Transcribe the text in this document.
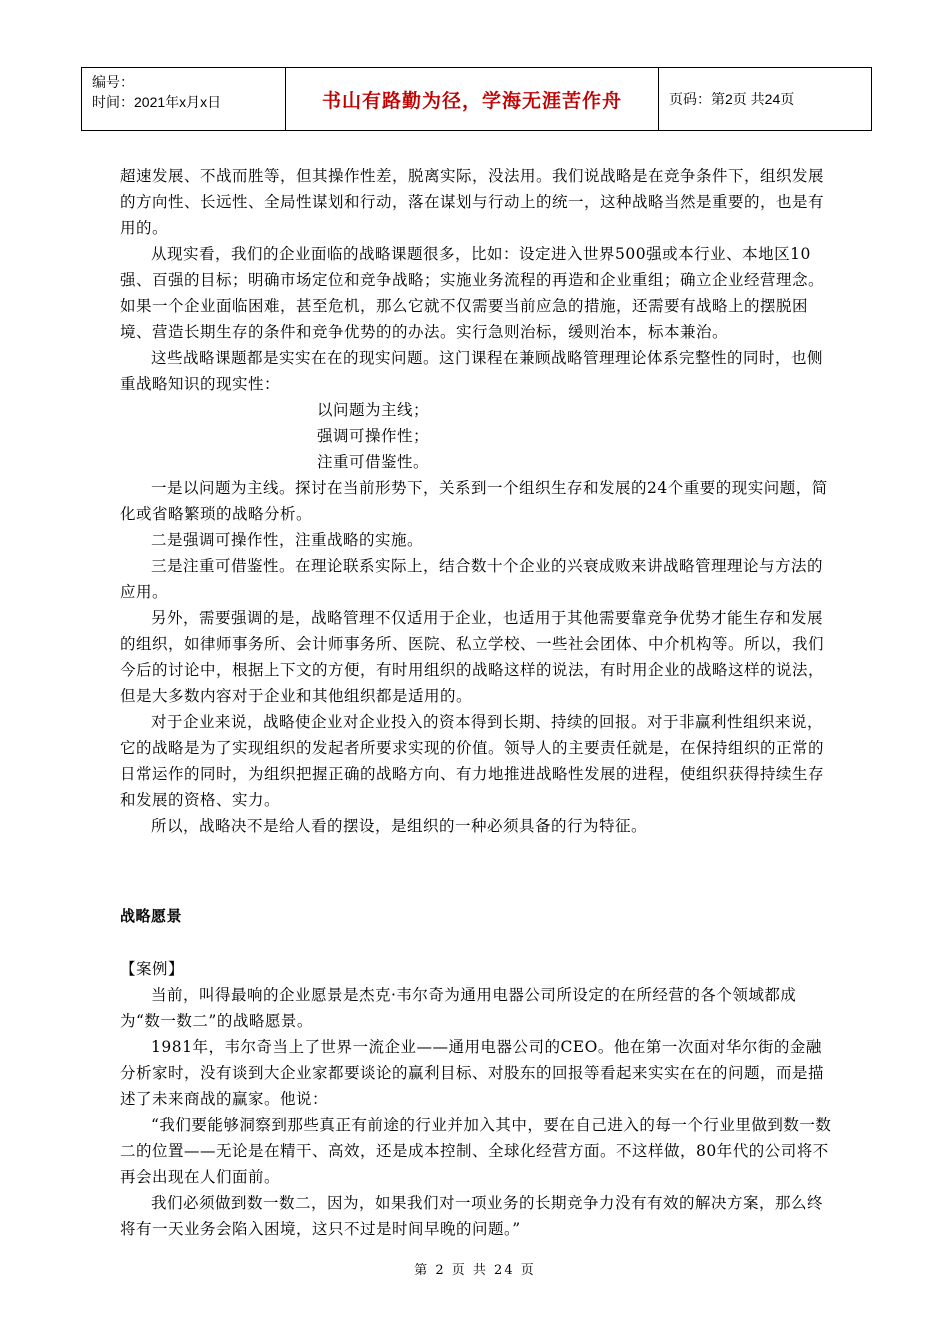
编号：
时间：2021年x月x日	书山有路勤为径，学海无涯苦作舟	页码：第2页 共24页

超速发展、不战而胜等，但其操作性差，脱离实际，没法用。我们说战略是在竞争条件下，组织发展的方向性、长远性、全局性谋划和行动，落在谋划与行动上的统一，这种战略当然是重要的，也是有用的。

从现实看，我们的企业面临的战略课题很多，比如：设定进入世界500强或本行业、本地区10强、百强的目标；明确市场定位和竞争战略；实施业务流程的再造和企业重组；确立企业经营理念。如果一个企业面临困难，甚至危机，那么它就不仅需要当前应急的措施，还需要有战略上的摆脱困境、营造长期生存的条件和竞争优势的的办法。实行急则治标，缓则治本，标本兼治。

这些战略课题都是实实在在的现实问题。这门课程在兼顾战略管理理论体系完整性的同时，也侧重战略知识的现实性：

以问题为主线；

强调可操作性；

注重可借鉴性。

一是以问题为主线。探讨在当前形势下，关系到一个组织生存和发展的24个重要的现实问题，简化或省略繁琐的战略分析。

二是强调可操作性，注重战略的实施。

三是注重可借鉴性。在理论联系实际上，结合数十个企业的兴衰成败来讲战略管理理论与方法的应用。

另外，需要强调的是，战略管理不仅适用于企业，也适用于其他需要靠竞争优势才能生存和发展的组织，如律师事务所、会计师事务所、医院、私立学校、一些社会团体、中介机构等。所以，我们今后的讨论中，根据上下文的方便，有时用组织的战略这样的说法，有时用企业的战略这样的说法，但是大多数内容对于企业和其他组织都是适用的。

对于企业来说，战略使企业对企业投入的资本得到长期、持续的回报。对于非赢利性组织来说，它的战略是为了实现组织的发起者所要求实现的价值。领导人的主要责任就是，在保持组织的正常的日常运作的同时，为组织把握正确的战略方向、有力地推进战略性发展的进程，使组织获得持续生存和发展的资格、实力。

所以，战略决不是给人看的摆设，是组织的一种必须具备的行为特征。

战略愿景

【案例】

当前，叫得最响的企业愿景是杰克·韦尔奇为通用电器公司所设定的在所经营的各个领域都成为“数一数二”的战略愿景。

1981年，韦尔奇当上了世界一流企业——通用电器公司的CEO。他在第一次面对华尔街的金融分析家时，没有谈到大企业家都要谈论的赢利目标、对股东的回报等看起来实实在在的问题，而是描述了未来商战的赢家。他说：

“我们要能够洞察到那些真正有前途的行业并加入其中，要在自己进入的每一个行业里做到数一数二的位置——无论是在精干、高效，还是成本控制、全球化经营方面。不这样做，80年代的公司将不再会出现在人们面前。

我们必须做到数一数二，因为，如果我们对一项业务的长期竞争力没有有效的解决方案，那么终将有一天业务会陷入困境，这只不过是时间早晚的问题。”

第 2 页 共 24 页
